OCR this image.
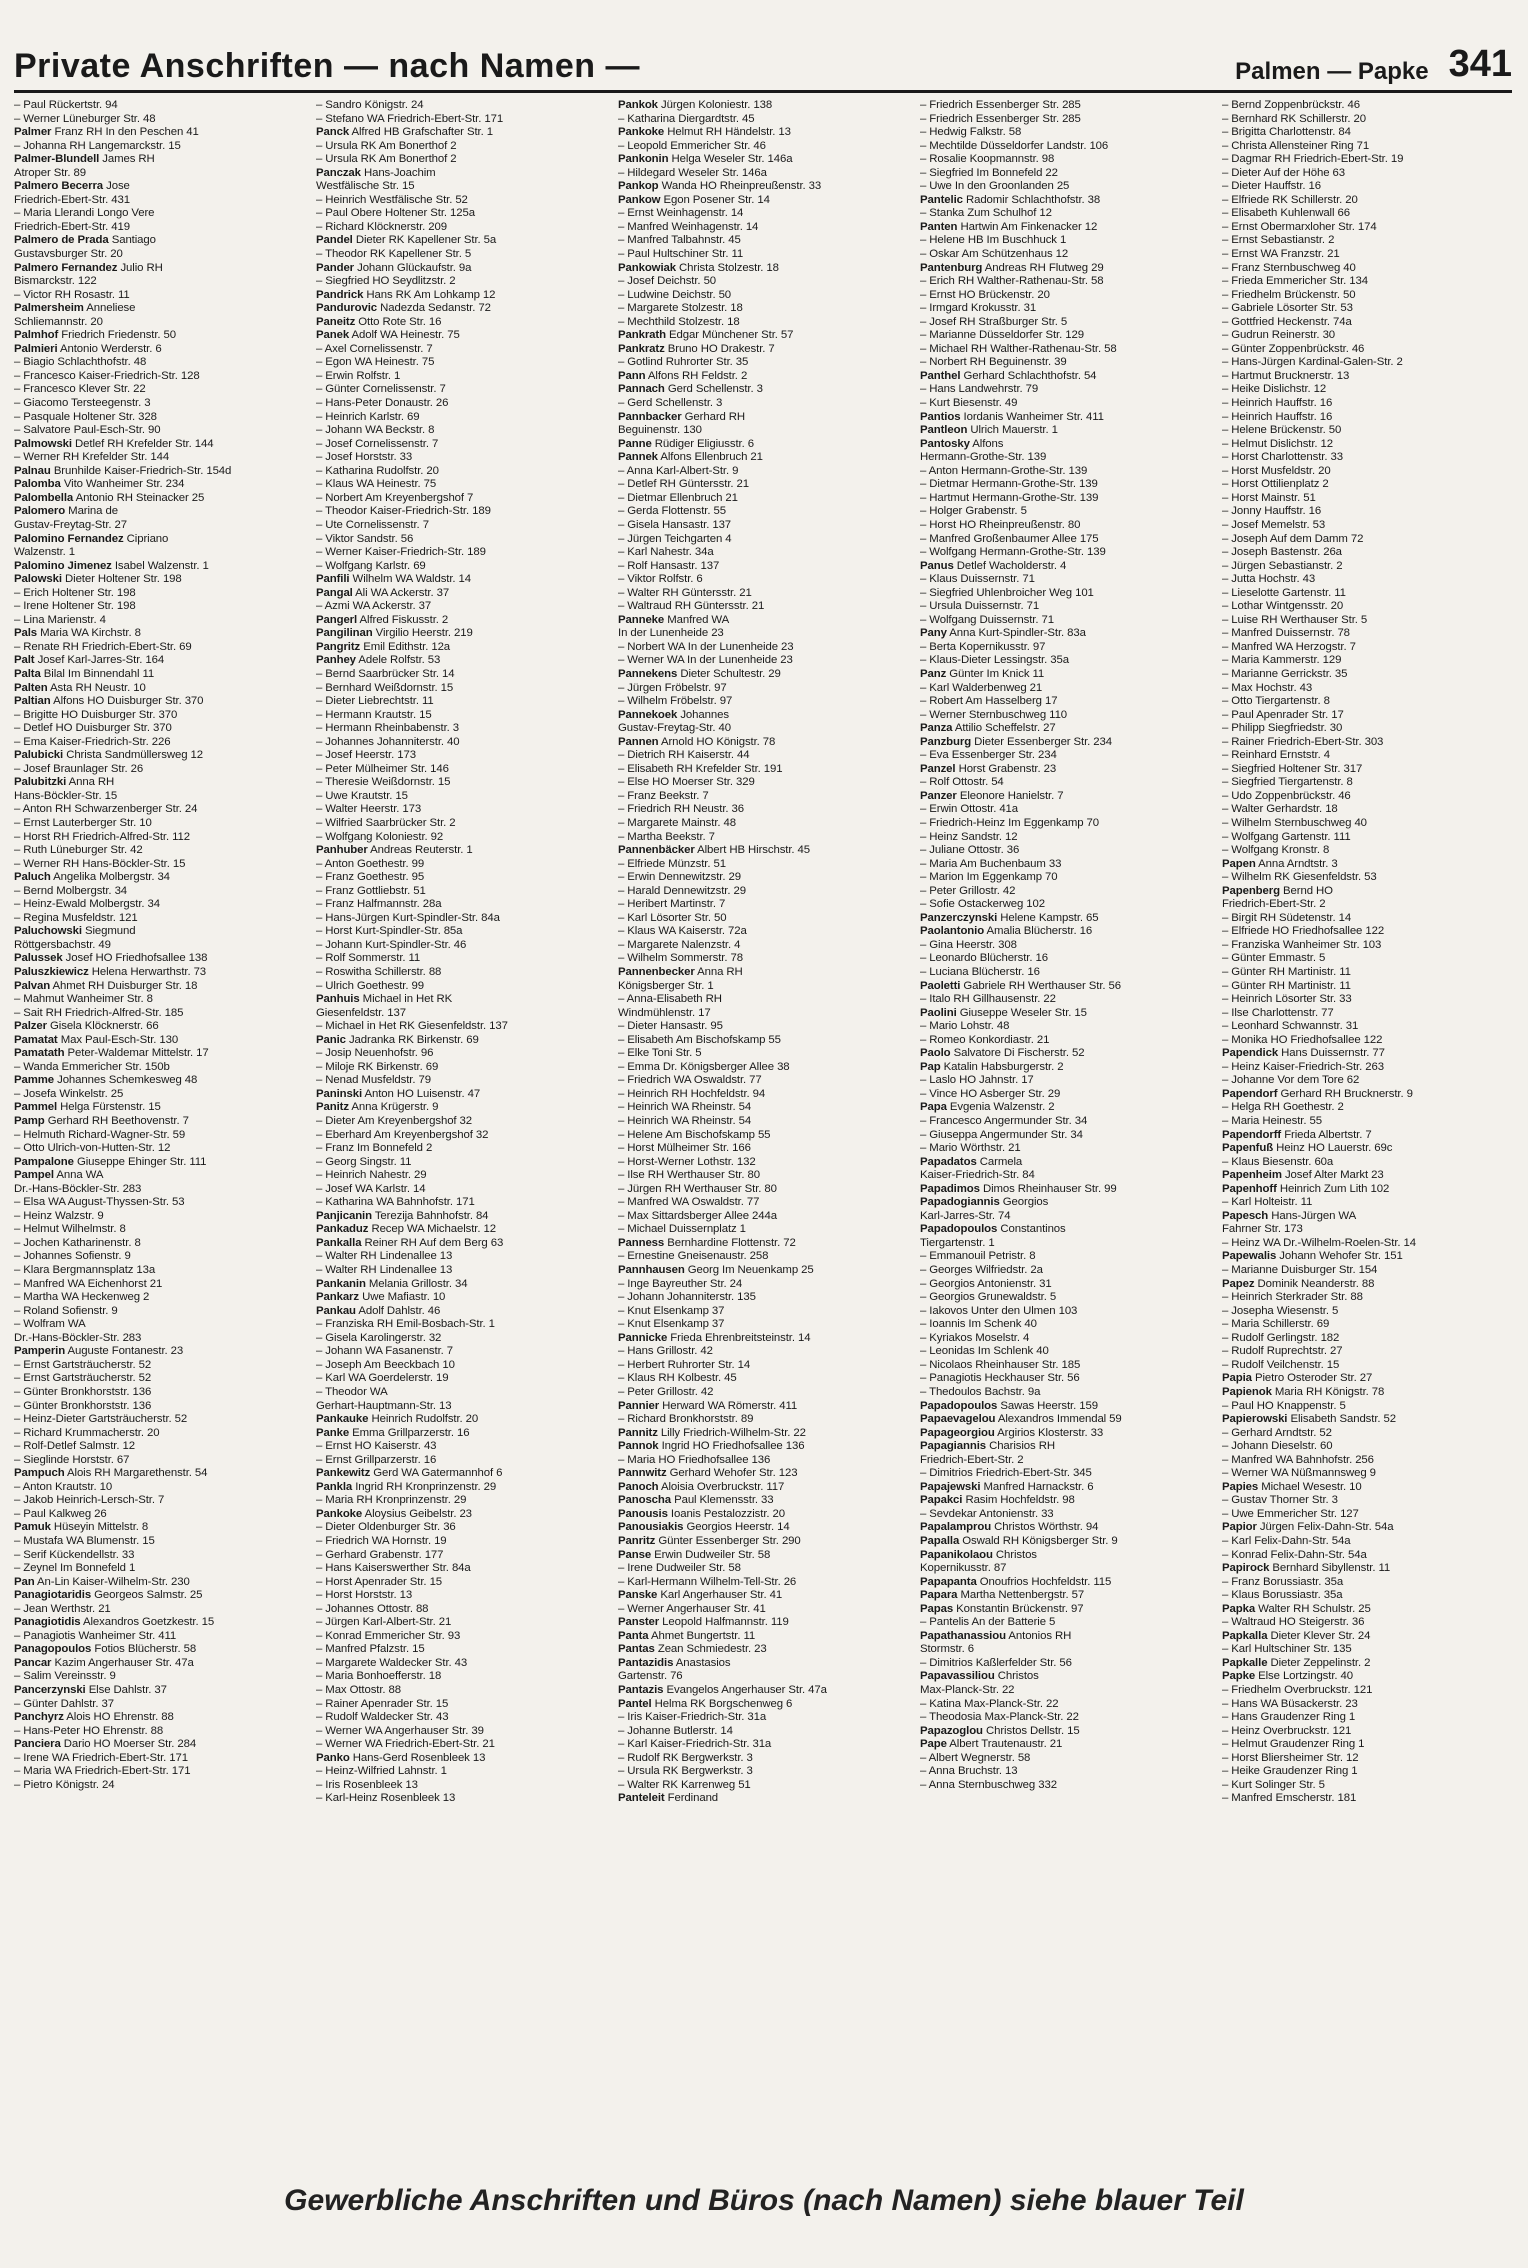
Private Anschriften — nach Namen —	Palmen — Papke 341
– Paul Rückertstr. 94
– Werner Lüneburger Str. 48
Palmer Franz RH In den Peschen 41
– Johanna RH Langemarckstr. 15
Palmer-Blundell James RH
Atroper Str. 89
Palmero Becerra Jose
Friedrich-Ebert-Str. 431
– Maria Llerandi Longo Vere
Friedrich-Ebert-Str. 419
Palmero de Prada Santiago
Gustavsburger Str. 20
Palmero Fernandez Julio RH
Bismarckstr. 122
– Victor RH Rosastr. 11
Palmersheim Anneliese
Schliemannstr. 20
Palmhof Friedrich Friedenstr. 50
Palmieri Antonio Werderstr. 6
– Biagio Schlachthofstr. 48
– Francesco Kaiser-Friedrich-Str. 128
– Francesco Klever Str. 22
– Giacomo Tersteegenstr. 3
– Pasquale Holtener Str. 328
– Salvatore Paul-Esch-Str. 90
Palmowski Detlef RH Krefelder Str. 144
– Werner RH Krefelder Str. 144
Palnau Brunhilde Kaiser-Friedrich-Str. 154d
Palomba Vito Wanheimer Str. 234
Palombella Antonio RH Steinacker 25
Palomero Marina de
Gustav-Freytag-Str. 27
Palomino Fernandez Cipriano
Walzenstr. 1
Palomino Jimenez Isabel Walzenstr. 1
Palowski Dieter Holtener Str. 198
– Erich Holtener Str. 198
– Irene Holtener Str. 198
– Lina Marienstr. 4
Pals Maria WA Kirchstr. 8
– Renate RH Friedrich-Ebert-Str. 69
Palt Josef Karl-Jarres-Str. 164
Palta Bilal Im Binnendahl 11
Palten Asta RH Neustr. 10
Paltian Alfons HO Duisburger Str. 370
– Brigitte HO Duisburger Str. 370
– Detlef HO Duisburger Str. 370
– Ema Kaiser-Friedrich-Str. 226
Palubicki Christa Sandmüllersweg 12
– Josef Braunlager Str. 26
Palubitzki Anna RH
Hans-Böckler-Str. 15
– Anton RH Schwarzenberger Str. 24
– Ernst Lauterberger Str. 10
– Horst RH Friedrich-Alfred-Str. 112
– Ruth Lüneburger Str. 42
– Werner RH Hans-Böckler-Str. 15
Paluch Angelika Molbergstr. 34
– Bernd Molbergstr. 34
– Heinz-Ewald Molbergstr. 34
– Regina Musfeldstr. 121
Paluchowski Siegmund
Röttgersbachstr. 49
Palussek Josef HO Friedhofsallee 138
Paluszkiewicz Helena Herwarthstr. 73
Palvan Ahmet RH Duisburger Str. 18
– Mahmut Wanheimer Str. 8
– Sait RH Friedrich-Alfred-Str. 185
Palzer Gisela Klöcknerstr. 66
Pamatat Max Paul-Esch-Str. 130
Pamatath Peter-Waldemar Mittelstr. 17
– Wanda Emmericher Str. 150b
Pamme Johannes Schemkesweg 48
– Josefa Winkelstr. 25
Pammel Helga Fürstenstr. 15
Pamp Gerhard RH Beethovenstr. 7
– Helmuth Richard-Wagner-Str. 59
– Otto Ulrich-von-Hutten-Str. 12
Pampalone Giuseppe Ehinger Str. 111
Pampel Anna WA
Dr.-Hans-Böckler-Str. 283
– Elsa WA August-Thyssen-Str. 53
– Heinz Walzstr. 9
– Helmut Wilhelmstr. 8
– Jochen Katharinenstr. 8
– Johannes Sofienstr. 9
– Klara Bergmannsplatz 13a
– Manfred WA Eichenhorst 21
– Martha WA Heckenweg 2
– Roland Sofienstr. 9
– Wolfram WA
Dr.-Hans-Böckler-Str. 283
Pamperin Auguste Fontanestr. 23
– Ernst Gartsträucherstr. 52
– Ernst Gartsträucherstr. 52
– Günter Bronkhorststr. 136
– Günter Bronkhorststr. 136
– Heinz-Dieter Gartsträucherstr. 52
– Richard Krummacherstr. 20
– Rolf-Detlef Salmstr. 12
– Sieglinde Horststr. 67
Pampuch Alois RH Margarethenstr. 54
– Anton Krautstr. 10
– Jakob Heinrich-Lersch-Str. 7
– Paul Kalkweg 26
Pamuk Hüseyin Mittelstr. 8
– Mustafa WA Blumenstr. 15
– Serif Kückendellstr. 33
– Zeynel Im Bonnefeld 1
Pan An-Lin Kaiser-Wilhelm-Str. 230
Panagiotaridis Georgeos Salmstr. 25
– Jean Werthstr. 21
Panagiotidis Alexandros Goetzkestr. 15
– Panagiotis Wanheimer Str. 411
Panagopoulos Fotios Blücherstr. 58
Pancar Kazim Angerhauser Str. 47a
– Salim Vereinsstr. 9
Pancerzynski Else Dahlstr. 37
– Günter Dahlstr. 37
Panchyrz Alois HO Ehrenstr. 88
– Hans-Peter HO Ehrenstr. 88
Panciera Dario HO Moerser Str. 284
– Irene WA Friedrich-Ebert-Str. 171
– Maria WA Friedrich-Ebert-Str. 171
– Pietro Königstr. 24
– Sandro Königstr. 24
– Stefano WA Friedrich-Ebert-Str. 171
Panck Alfred HB Grafschafter Str. 1
– Ursula RK Am Bonerthof 2
– Ursula RK Am Bonerthof 2
Panczak Hans-Joachim
Westfälische Str. 15
– Heinrich Westfälische Str. 52
– Paul Obere Holtener Str. 125a
– Richard Klöcknerstr. 209
Pandel Dieter RK Kapellener Str. 5a
– Theodor RK Kapellener Str. 5
Pander Johann Glückaufstr. 9a
– Siegfried HO Seydlitzstr. 2
Pandrick Hans RK Am Lohkamp 12
Pandurovic Nadezda Sedanstr. 72
Paneitz Otto Rote Str. 16
Panek Adolf WA Heinestr. 75
– Axel Cornelissenstr. 7
– Egon WA Heinestr. 75
– Erwin Rolfstr. 1
– Günter Cornelissenstr. 7
– Hans-Peter Donaustr. 26
– Heinrich Karlstr. 69
– Johann WA Beckstr. 8
– Josef Cornelissenstr. 7
– Josef Horststr. 33
– Katharina Rudolfstr. 20
– Klaus WA Heinestr. 75
– Norbert Am Kreyenbergshof 7
– Theodor Kaiser-Friedrich-Str. 189
– Ute Cornelissenstr. 7
– Viktor Sandstr. 56
– Werner Kaiser-Friedrich-Str. 189
– Wolfgang Karlstr. 69
Panfili Wilhelm WA Waldstr. 14
Pangal Ali WA Ackerstr. 37
– Azmi WA Ackerstr. 37
Pangerl Alfred Fiskusstr. 2
Pangilinan Virgilio Heerstr. 219
Pangritz Emil Edithstr. 12a
Panhey Adele Rolfstr. 53
– Bernd Saarbrücker Str. 14
– Bernhard Weißdornstr. 15
– Dieter Liebrechtstr. 11
– Hermann Krautstr. 15
– Hermann Rheinbabenstr. 3
– Johannes Johanniterstr. 40
– Josef Heerstr. 173
– Peter Mülheimer Str. 146
– Theresie Weißdornstr. 15
– Uwe Krautstr. 15
– Walter Heerstr. 173
– Wilfried Saarbrücker Str. 2
– Wolfgang Koloniestr. 92
Panhuber Andreas Reuterstr. 1
– Anton Goethestr. 99
– Franz Goethestr. 95
– Franz Gottliebstr. 51
– Franz Halfmannstr. 28a
– Hans-Jürgen Kurt-Spindler-Str. 84a
– Horst Kurt-Spindler-Str. 85a
– Johann Kurt-Spindler-Str. 46
– Rolf Sommerstr. 11
– Roswitha Schillerstr. 88
– Ulrich Goethestr. 99
Panhuis Michael in Het RK
Giesenfeldstr. 137
– Michael in Het RK Giesenfeldstr. 137
Panic Jadranka RK Birkenstr. 69
– Josip Neuenhofstr. 96
– Miloje RK Birkenstr. 69
– Nenad Musfeldstr. 79
Paninski Anton HO Luisenstr. 47
Panitz Anna Krügerstr. 9
– Dieter Am Kreyenbergshof 32
– Eberhard Am Kreyenbergshof 32
– Franz Im Bonnefeld 2
– Georg Singstr. 11
– Heinrich Nahestr. 29
– Josef WA Karlstr. 14
– Katharina WA Bahnhofstr. 171
Panjicanin Terezija Bahnhofstr. 84
Pankaduz Recep WA Michaelstr. 12
Pankalla Reiner RH Auf dem Berg 63
– Walter RH Lindenallee 13
– Walter RH Lindenallee 13
Pankanin Melania Grillostr. 34
Pankarz Uwe Mafiastr. 10
Pankau Adolf Dahlstr. 46
– Franziska RH Emil-Bosbach-Str. 1
– Gisela Karolingerstr. 32
– Johann WA Fasanenstr. 7
– Joseph Am Beeckbach 10
– Karl WA Goerdelerstr. 19
– Theodor WA
Gerhart-Hauptmann-Str. 13
Pankauke Heinrich Rudolfstr. 20
Panke Emma Grillparzerstr. 16
– Ernst HO Kaiserstr. 43
– Ernst Grillparzerstr. 16
Pankewitz Gerd WA Gatermannhof 6
Pankla Ingrid RH Kronprinzenstr. 29
– Maria RH Kronprinzenstr. 29
Pankoke Aloysius Geibelstr. 23
– Dieter Oldenburger Str. 36
– Friedrich WA Hornstr. 19
– Gerhard Grabenstr. 177
– Hans Kaiserswerther Str. 84a
– Horst Apenrader Str. 15
– Horst Horststr. 13
– Johannes Ottostr. 88
– Jürgen Karl-Albert-Str. 21
– Konrad Emmericher Str. 93
– Manfred Pfalzstr. 15
– Margarete Waldecker Str. 43
– Maria Bonhoefferstr. 18
– Max Ottostr. 88
– Rainer Apenrader Str. 15
– Rudolf Waldecker Str. 43
– Werner WA Angerhauser Str. 39
– Werner WA Friedrich-Ebert-Str. 21
Panko Hans-Gerd Rosenbleek 13
– Heinz-Wilfried Lahnstr. 1
– Iris Rosenbleek 13
– Karl-Heinz Rosenbleek 13
Pankok Jürgen Koloniestr. 138
– Katharina Diergardtstr. 45
Pankoke Helmut RH Händelstr. 13
– Leopold Emmericher Str. 46
Pankonin Helga Weseler Str. 146a
– Hildegard Weseler Str. 146a
Pankop Wanda HO Rheinpreußenstr. 33
Pankow Egon Posener Str. 14
– Ernst Weinhagenstr. 14
– Manfred Weinhagenstr. 14
– Manfred Talbahnstr. 45
– Paul Hultschiner Str. 11
Pankowiak Christa Stolzestr. 18
– Josef Deichstr. 50
– Ludwine Deichstr. 50
– Margarete Stolzestr. 18
– Mechthild Stolzestr. 18
Pankrath Edgar Münchener Str. 57
Pankratz Bruno HO Drakestr. 7
– Gotlind Ruhrorter Str. 35
Pann Alfons RH Feldstr. 2
Pannach Gerd Schellenstr. 3
– Gerd Schellenstr. 3
Pannbacker Gerhard RH
Beguinenstr. 130
Panne Rüdiger Eligiusstr. 6
Pannek Alfons Ellenbruch 21
– Anna Karl-Albert-Str. 9
– Detlef RH Güntersstr. 21
– Dietmar Ellenbruch 21
– Gerda Flottenstr. 55
– Gisela Hansastr. 137
– Jürgen Teichgarten 4
– Karl Nahestr. 34a
– Rolf Hansastr. 137
– Viktor Rolfstr. 6
– Walter RH Güntersstr. 21
– Waltraud RH Güntersstr. 21
Panneke Manfred WA
In der Lunenheide 23
– Norbert WA In der Lunenheide 23
– Werner WA In der Lunenheide 23
Pannekens Dieter Schultestr. 29
– Jürgen Fröbelstr. 97
– Wilhelm Fröbelstr. 97
Pannekoek Johannes
Gustav-Freytag-Str. 40
Pannen Arnold HO Königstr. 78
– Dietrich RH Kaiserstr. 44
– Elisabeth RH Krefelder Str. 191
– Else HO Moerser Str. 329
– Franz Beekstr. 7
– Friedrich RH Neustr. 36
– Margarete Mainstr. 48
– Martha Beekstr. 7
Pannenbäcker Albert HB Hirschstr. 45
– Elfriede Münzstr. 51
– Erwin Dennewitzstr. 29
– Harald Dennewitzstr. 29
– Heribert Martinstr. 7
– Karl Lösorter Str. 50
– Klaus WA Kaiserstr. 72a
– Margarete Nalenzstr. 4
– Wilhelm Sommerstr. 78
Pannenbecker Anna RH
Königsberger Str. 1
– Anna-Elisabeth RH
Windmühlenstr. 17
– Dieter Hansastr. 95
– Elisabeth Am Bischofskamp 55
– Elke Toni Str. 5
– Emma Dr. Königsberger Allee 38
– Friedrich WA Oswaldstr. 77
– Heinrich RH Hochfeldstr. 94
– Heinrich WA Rheinstr. 54
– Heinrich WA Rheinstr. 54
– Helene Am Bischofskamp 55
– Horst Mülheimer Str. 166
– Horst-Werner Lothstr. 132
– Ilse RH Werthauser Str. 80
– Jürgen RH Werthauser Str. 80
– Manfred WA Oswaldstr. 77
– Max Sittardsberger Allee 244a
– Michael Duissernplatz 1
Panness Bernhardine Flottenstr. 72
– Ernestine Gneisenaustr. 258
Pannhausen Georg Im Neuenkamp 25
– Inge Bayreuther Str. 24
– Johann Johanniterstr. 135
– Knut Elsenkamp 37
– Knut Elsenkamp 37
Pannicke Frieda Ehrenbreitsteinstr. 14
– Hans Grillostr. 42
– Herbert Ruhrorter Str. 14
– Klaus RH Kolbestr. 45
– Peter Grillostr. 42
Pannier Herward WA Römerstr. 411
– Richard Bronkhorststr. 89
Pannitz Lilly Friedrich-Wilhelm-Str. 22
Pannok Ingrid HO Friedhofsallee 136
– Maria HO Friedhofsallee 136
Pannwitz Gerhard Wehofer Str. 123
Panoch Aloisia Overbruckstr. 117
Panoscha Paul Klemensstr. 33
Panousis Ioanis Pestalozzistr. 20
Panousiakis Georgios Heerstr. 14
Panritz Günter Essenberger Str. 290
Panse Erwin Dudweiler Str. 58
– Irene Dudweiler Str. 58
– Karl-Hermann Wilhelm-Tell-Str. 26
Panske Karl Angerhauser Str. 41
– Werner Angerhauser Str. 41
Panster Leopold Halfmannstr. 119
Panta Ahmet Bungertstr. 11
Pantas Zean Schmiedestr. 23
Pantazidis Anastasios
Gartenstr. 76
Pantazis Evangelos Angerhauser Str. 47a
Pantel Helma RK Borgschenweg 6
– Iris Kaiser-Friedrich-Str. 31a
– Johanne Butlerstr. 14
– Karl Kaiser-Friedrich-Str. 31a
– Rudolf RK Bergwerkstr. 3
– Ursula RK Bergwerkstr. 3
– Walter RK Karrenweg 51
Panteleit Ferdinand
– Friedrich Essenberger Str. 285
– Friedrich Essenberger Str. 285
– Hedwig Falkstr. 58
– Mechtilde Düsseldorfer Landstr. 106
– Rosalie Koopmannstr. 98
– Siegfried Im Bonnefeld 22
– Uwe In den Groonlanden 25
Pantelic Radomir Schlachthofstr. 38
– Stanka Zum Schulhof 12
Panten Hartwin Am Finkenacker 12
– Helene HB Im Buschhuck 1
– Oskar Am Schützenhaus 12
Pantenburg Andreas RH Flutweg 29
– Erich RH Walther-Rathenau-Str. 58
– Ernst HO Brückenstr. 20
– Irmgard Krokusstr. 31
– Josef RH Straßburger Str. 5
– Marianne Düsseldorfer Str. 129
– Michael RH Walther-Rathenau-Str. 58
– Norbert RH Beguinenstr. 39
Panthel Gerhard Schlachthofstr. 54
– Hans Landwehrstr. 79
– Kurt Biesenstr. 49
Pantios Iordanis Wanheimer Str. 411
Pantleon Ulrich Mauerstr. 1
Pantosky Alfons
Hermann-Grothe-Str. 139
– Anton Hermann-Grothe-Str. 139
– Dietmar Hermann-Grothe-Str. 139
– Hartmut Hermann-Grothe-Str. 139
– Holger Grabenstr. 5
– Horst HO Rheinpreußenstr. 80
– Manfred Großenbaumer Allee 175
– Wolfgang Hermann-Grothe-Str. 139
Panus Detlef Wacholderstr. 4
– Klaus Duissernstr. 71
– Siegfried Uhlenbroicher Weg 101
– Ursula Duissernstr. 71
– Wolfgang Duissernstr. 71
Pany Anna Kurt-Spindler-Str. 83a
– Berta Kopernikusstr. 97
– Klaus-Dieter Lessingstr. 35a
Panz Günter Im Knick 11
– Karl Walderbenweg 21
– Robert Am Hasselberg 17
– Werner Sternbuschweg 110
Panza Attilio Scheffelstr. 27
Panzburg Dieter Essenberger Str. 234
– Eva Essenberger Str. 234
Panzel Horst Grabenstr. 23
– Rolf Ottostr. 54
Panzer Eleonore Hanielstr. 7
– Erwin Ottostr. 41a
– Friedrich-Heinz Im Eggenkamp 70
– Heinz Sandstr. 12
– Juliane Ottostr. 36
– Maria Am Buchenbaum 33
– Marion Im Eggenkamp 70
– Peter Grillostr. 42
– Sofie Ostackerweg 102
Panzerczynski Helene Kampstr. 65
Paolantonio Amalia Blücherstr. 16
– Gina Heerstr. 308
– Leonardo Blücherstr. 16
– Luciana Blücherstr. 16
Paoletti Gabriele RH Werthauser Str. 56
– Italo RH Gillhausenstr. 22
Paolini Giuseppe Weseler Str. 15
– Mario Lohstr. 48
– Romeo Konkordiastr. 21
Paolo Salvatore Di Fischerstr. 52
Pap Katalin Habsburgerstr. 2
– Laslo HO Jahnstr. 17
– Vince HO Asberger Str. 29
Papa Evgenia Walzenstr. 2
– Francesco Angermunder Str. 34
– Giuseppa Angermunder Str. 34
– Mario Wörthstr. 21
Papadatos Carmela
Kaiser-Friedrich-Str. 84
Papadimos Dimos Rheinhauser Str. 99
Papadogiannis Georgios
Karl-Jarres-Str. 74
Papadopoulos Constantinos
Tiergartenstr. 1
– Emmanouil Petristr. 8
– Georges Wilfriedstr. 2a
– Georgios Antonienstr. 31
– Georgios Grunewaldstr. 5
– Iakovos Unter den Ulmen 103
– Ioannis Im Schenk 40
– Kyriakos Moselstr. 4
– Leonidas Im Schlenk 40
– Nicolaos Rheinhauser Str. 185
– Panagiotis Heckhauser Str. 56
– Thedoulos Bachstr. 9a
Papadopoulos Sawas Heerstr. 159
Papaevagelou Alexandros Immendal 59
Papageorgiou Argirios Klosterstr. 33
Papagiannis Charisios RH
Friedrich-Ebert-Str. 2
– Dimitrios Friedrich-Ebert-Str. 345
Papajewski Manfred Harnackstr. 6
Papakci Rasim Hochfeldstr. 98
– Sevdekar Antonienstr. 33
Papalamprou Christos Wörthstr. 94
Papalla Oswald RH Königsberger Str. 9
Papanikolaou Christos
Kopernikusstr. 87
Papapanta Onoufrios Hochfeldstr. 115
Papara Martha Nettenbergstr. 57
Papas Konstantin Brückenstr. 97
– Pantelis An der Batterie 5
Papathanassiou Antonios RH
Stormstr. 6
– Dimitrios Kaßlerfelder Str. 56
Papavassiliou Christos
Max-Planck-Str. 22
– Katina Max-Planck-Str. 22
– Theodosia Max-Planck-Str. 22
Papazoglou Christos Dellstr. 15
Pape Albert Trautenaustr. 21
– Albert Wegnerstr. 58
– Anna Bruchstr. 13
– Anna Sternbuschweg 332
– Bernd Zoppenbrückstr. 46
– Bernhard RK Schillerstr. 20
– Brigitta Charlottenstr. 84
– Christa Allensteiner Ring 71
– Dagmar RH Friedrich-Ebert-Str. 19
– Dieter Auf der Höhe 63
– Dieter Hauffstr. 16
– Elfriede RK Schillerstr. 20
– Elisabeth Kuhlenwall 66
– Ernst Obermarxloher Str. 174
– Ernst Sebastianstr. 2
– Ernst WA Franzstr. 21
– Franz Sternbuschweg 40
– Frieda Emmericher Str. 134
– Friedhelm Brückenstr. 50
– Gabriele Lösorter Str. 53
– Gottfried Heckenstr. 74a
– Gudrun Reinerstr. 30
– Günter Zoppenbrückstr. 46
– Hans-Jürgen Kardinal-Galen-Str. 2
– Hartmut Brucknerstr. 13
– Heike Dislichstr. 12
– Heinrich Hauffstr. 16
– Heinrich Hauffstr. 16
– Helene Brückenstr. 50
– Helmut Dislichstr. 12
– Horst Charlottenstr. 33
– Horst Musfeldstr. 20
– Horst Ottilienplatz 2
– Horst Mainstr. 51
– Jonny Hauffstr. 16
– Josef Memelstr. 53
– Joseph Auf dem Damm 72
– Joseph Bastenstr. 26a
– Jürgen Sebastianstr. 2
– Jutta Hochstr. 43
– Lieselotte Gartenstr. 11
– Lothar Wintgensstr. 20
– Luise RH Werthauser Str. 5
– Manfred Duissernstr. 78
– Manfred WA Herzogstr. 7
– Maria Kammerstr. 129
– Marianne Gerrickstr. 35
– Max Hochstr. 43
– Otto Tiergartenstr. 8
– Paul Apenrader Str. 17
– Philipp Siegfriedstr. 30
– Rainer Friedrich-Ebert-Str. 303
– Reinhard Ernststr. 4
– Siegfried Holtener Str. 317
– Siegfried Tiergartenstr. 8
– Udo Zoppenbrückstr. 46
– Walter Gerhardstr. 18
– Wilhelm Sternbuschweg 40
– Wolfgang Gartenstr. 111
– Wolfgang Kronstr. 8
Papen Anna Arndtstr. 3
– Wilhelm RK Giesenfeldstr. 53
Papenberg Bernd HO
Friedrich-Ebert-Str. 2
– Birgit RH Südetenstr. 14
– Elfriede HO Friedhofsallee 122
– Franziska Wanheimer Str. 103
– Günter Emmastr. 5
– Günter RH Martinistr. 11
– Günter RH Martinistr. 11
– Heinrich Lösorter Str. 33
– Ilse Charlottenstr. 77
– Leonhard Schwannstr. 31
– Monika HO Friedhofsallee 122
Papendick Hans Duissernstr. 77
– Heinz Kaiser-Friedrich-Str. 263
– Johanne Vor dem Tore 62
Papendorf Gerhard RH Brucknerstr. 9
– Helga RH Goethestr. 2
– Maria Heinestr. 55
Papendorff Frieda Albertstr. 7
Papenfuß Heinz HO Lauerstr. 69c
– Klaus Biesenstr. 60a
Papenheim Josef Alter Markt 23
Papenhoff Heinrich Zum Lith 102
– Karl Holteistr. 11
Papesch Hans-Jürgen WA
Fahrner Str. 173
– Heinz WA Dr.-Wilhelm-Roelen-Str. 14
Papewalis Johann Wehofer Str. 151
– Marianne Duisburger Str. 154
Papez Dominik Neanderstr. 88
– Heinrich Sterkrader Str. 88
– Josepha Wiesenstr. 5
– Maria Schillerstr. 69
– Rudolf Gerlingstr. 182
– Rudolf Ruprechtstr. 27
– Rudolf Veilchenstr. 15
Papia Pietro Osteroder Str. 27
Papienok Maria RH Königstr. 78
– Paul HO Knappenstr. 5
Papierowski Elisabeth Sandstr. 52
– Gerhard Arndtstr. 52
– Johann Dieselstr. 60
– Manfred WA Bahnhofstr. 256
– Werner WA Nüßmannsweg 9
Papies Michael Wesestr. 10
– Gustav Thorner Str. 3
– Uwe Emmericher Str. 127
Papior Jürgen Felix-Dahn-Str. 54a
– Karl Felix-Dahn-Str. 54a
– Konrad Felix-Dahn-Str. 54a
Papirock Bernhard Sibyllenstr. 11
– Franz Borussiastr. 35a
– Klaus Borussiastr. 35a
Papka Walter RH Schulstr. 25
– Waltraud HO Steigerstr. 36
Papkalla Dieter Klever Str. 24
– Karl Hultschiner Str. 135
Papkalle Dieter Zeppelinstr. 2
Papke Else Lortzingstr. 40
– Friedhelm Overbruckstr. 121
– Hans WA Büsackerstr. 23
– Hans Graudenzer Ring 1
– Heinz Overbruckstr. 121
– Helmut Graudenzer Ring 1
– Horst Bliersheimer Str. 12
– Heike Graudenzer Ring 1
– Kurt Solinger Str. 5
– Manfred Emscherstr. 181
Gewerbliche Anschriften und Büros (nach Namen) siehe blauer Teil
